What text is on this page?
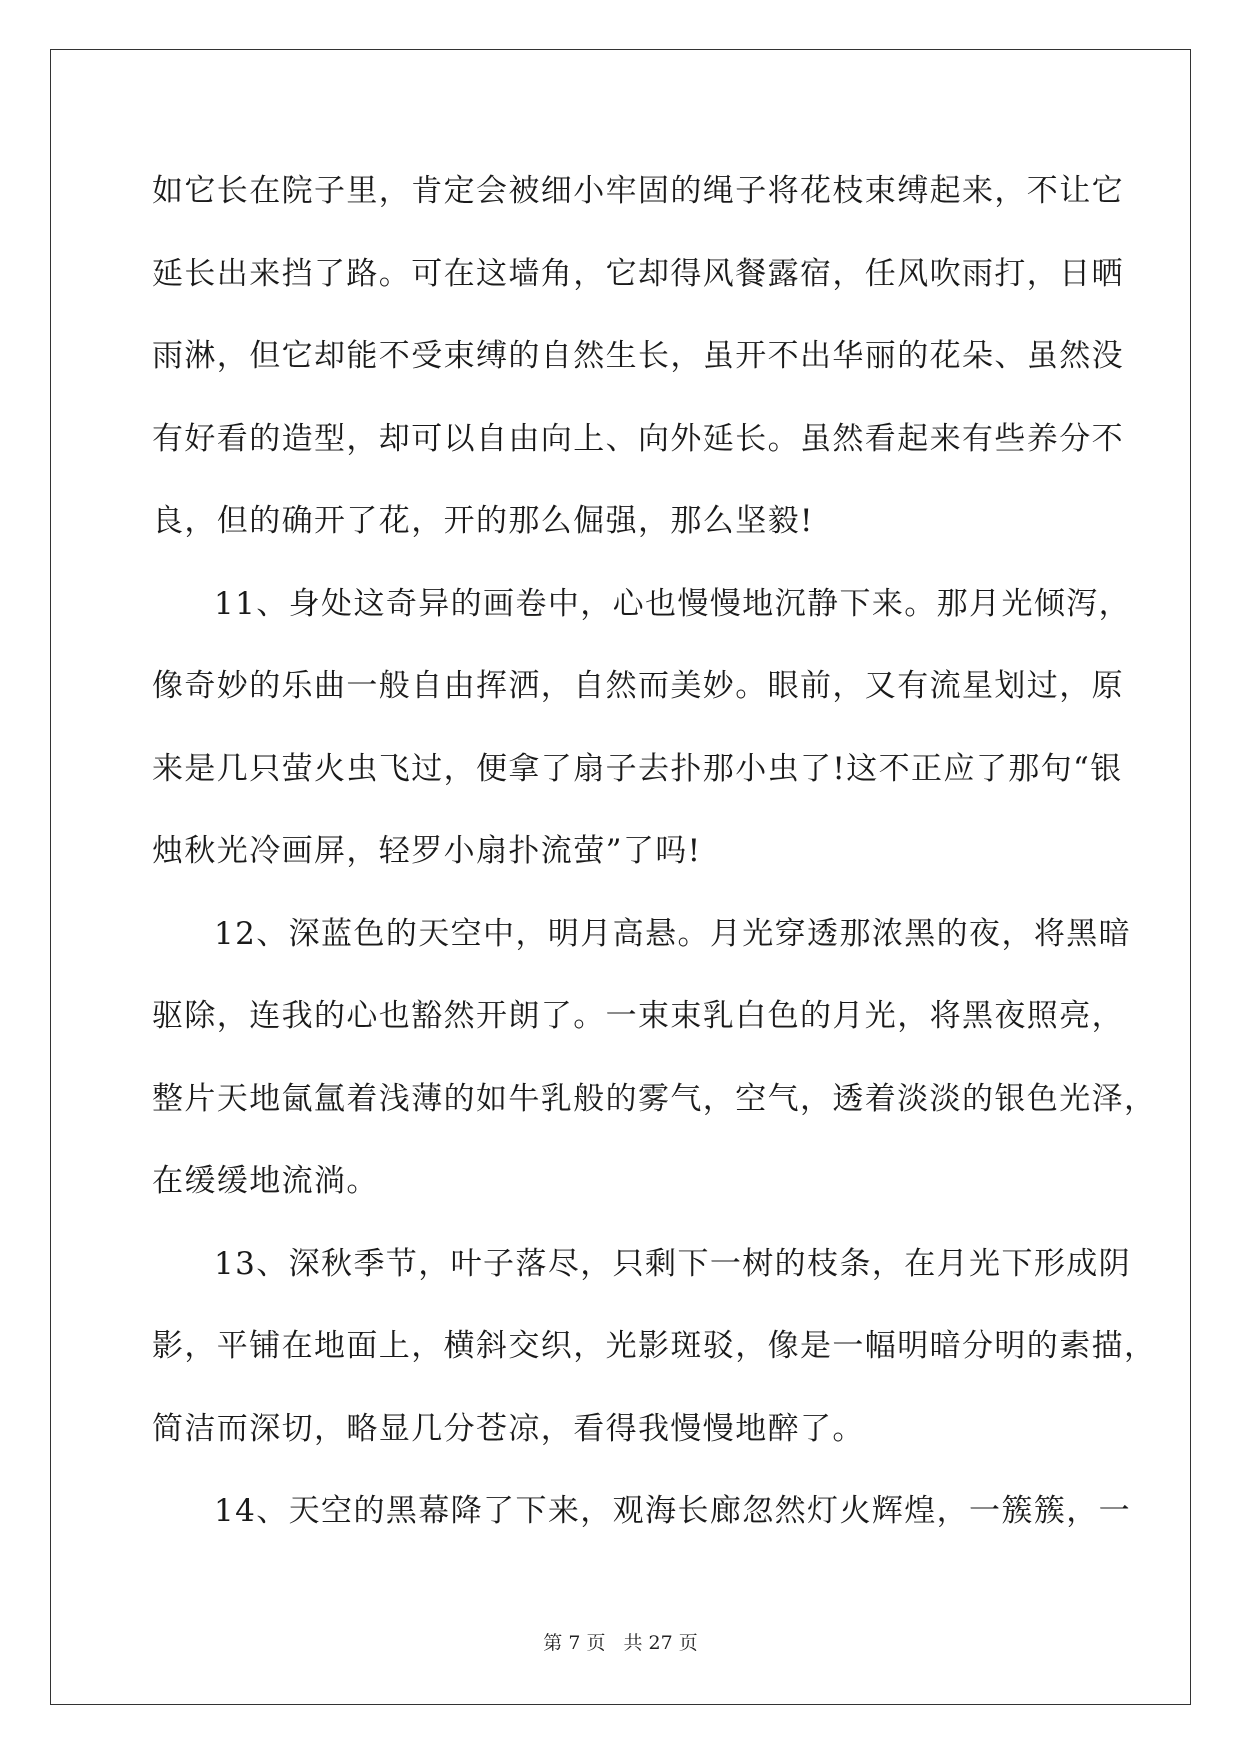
如它长在院子里，肯定会被细小牢固的绳子将花枝束缚起来，不让它
延长出来挡了路。可在这墙角，它却得风餐露宿，任风吹雨打，日晒
雨淋，但它却能不受束缚的自然生长，虽开不出华丽的花朵、虽然没
有好看的造型，却可以自由向上、向外延长。虽然看起来有些养分不
良，但的确开了花，开的那么倔强，那么坚毅!
11、身处这奇异的画卷中，心也慢慢地沉静下来。那月光倾泻，
像奇妙的乐曲一般自由挥洒，自然而美妙。眼前，又有流星划过，原
来是几只萤火虫飞过，便拿了扇子去扑那小虫了!这不正应了那句“银
烛秋光冷画屏，轻罗小扇扑流萤”了吗!
12、深蓝色的天空中，明月高悬。月光穿透那浓黑的夜，将黑暗
驱除，连我的心也豁然开朗了。一束束乳白色的月光，将黑夜照亮，
整片天地氤氲着浅薄的如牛乳般的雾气，空气，透着淡淡的银色光泽，
在缓缓地流淌。
13、深秋季节，叶子落尽，只剩下一树的枝条，在月光下形成阴
影，平铺在地面上，横斜交织，光影斑驳，像是一幅明暗分明的素描，
简洁而深切，略显几分苍凉，看得我慢慢地醉了。
14、天空的黑幕降了下来，观海长廊忽然灯火辉煌，一簇簇，一
第 7 页 共 27 页
